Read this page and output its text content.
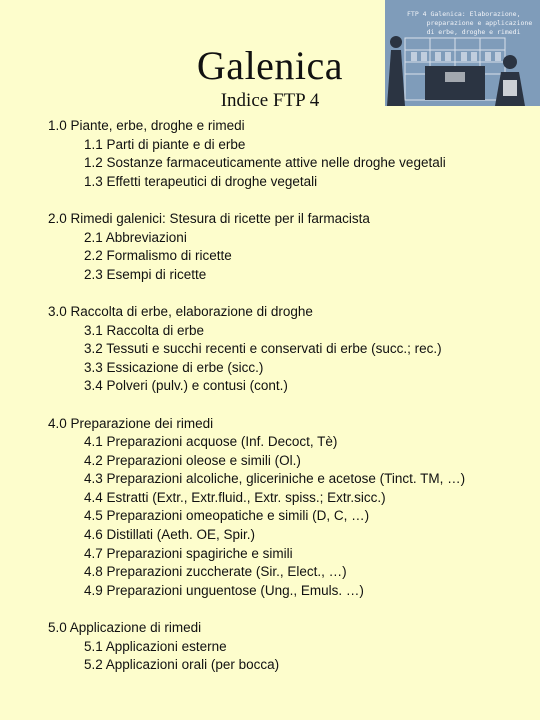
FTP 4 Galenica: Elaborazione,
preparazione e applicazione
di erbe, droghe e rimedi
Galenica
Indice FTP 4
1.0 Piante, erbe, droghe e rimedi
1.1 Parti di piante e di erbe
1.2 Sostanze farmaceuticamente attive nelle droghe vegetali
1.3 Effetti terapeutici di droghe vegetali
2.0 Rimedi galenici: Stesura di ricette per il farmacista
2.1 Abbreviazioni
2.2 Formalismo di ricette
2.3 Esempi di ricette
3.0 Raccolta di erbe, elaborazione di droghe
3.1 Raccolta di erbe
3.2 Tessuti e succhi recenti e conservati di erbe (succ.; rec.)
3.3 Essicazione di erbe (sicc.)
3.4 Polveri (pulv.) e contusi (cont.)
4.0 Preparazione dei rimedi
4.1 Preparazioni acquose (Inf. Decoct, Tè)
4.2 Preparazioni oleose e simili (Ol.)
4.3 Preparazioni alcoliche, gliceriniche e acetose (Tinct. TM, …)
4.4 Estratti (Extr., Extr.fluid., Extr. spiss.; Extr.sicc.)
4.5 Preparazioni omeopatiche e simili (D, C, …)
4.6 Distillati (Aeth. OE, Spir.)
4.7 Preparazioni spagiriche e simili
4.8 Preparazioni zuccherate (Sir., Elect., …)
4.9 Preparazioni unguentose (Ung., Emuls. …)
5.0 Applicazione di rimedi
5.1 Applicazioni esterne
5.2 Applicazioni orali (per bocca)
